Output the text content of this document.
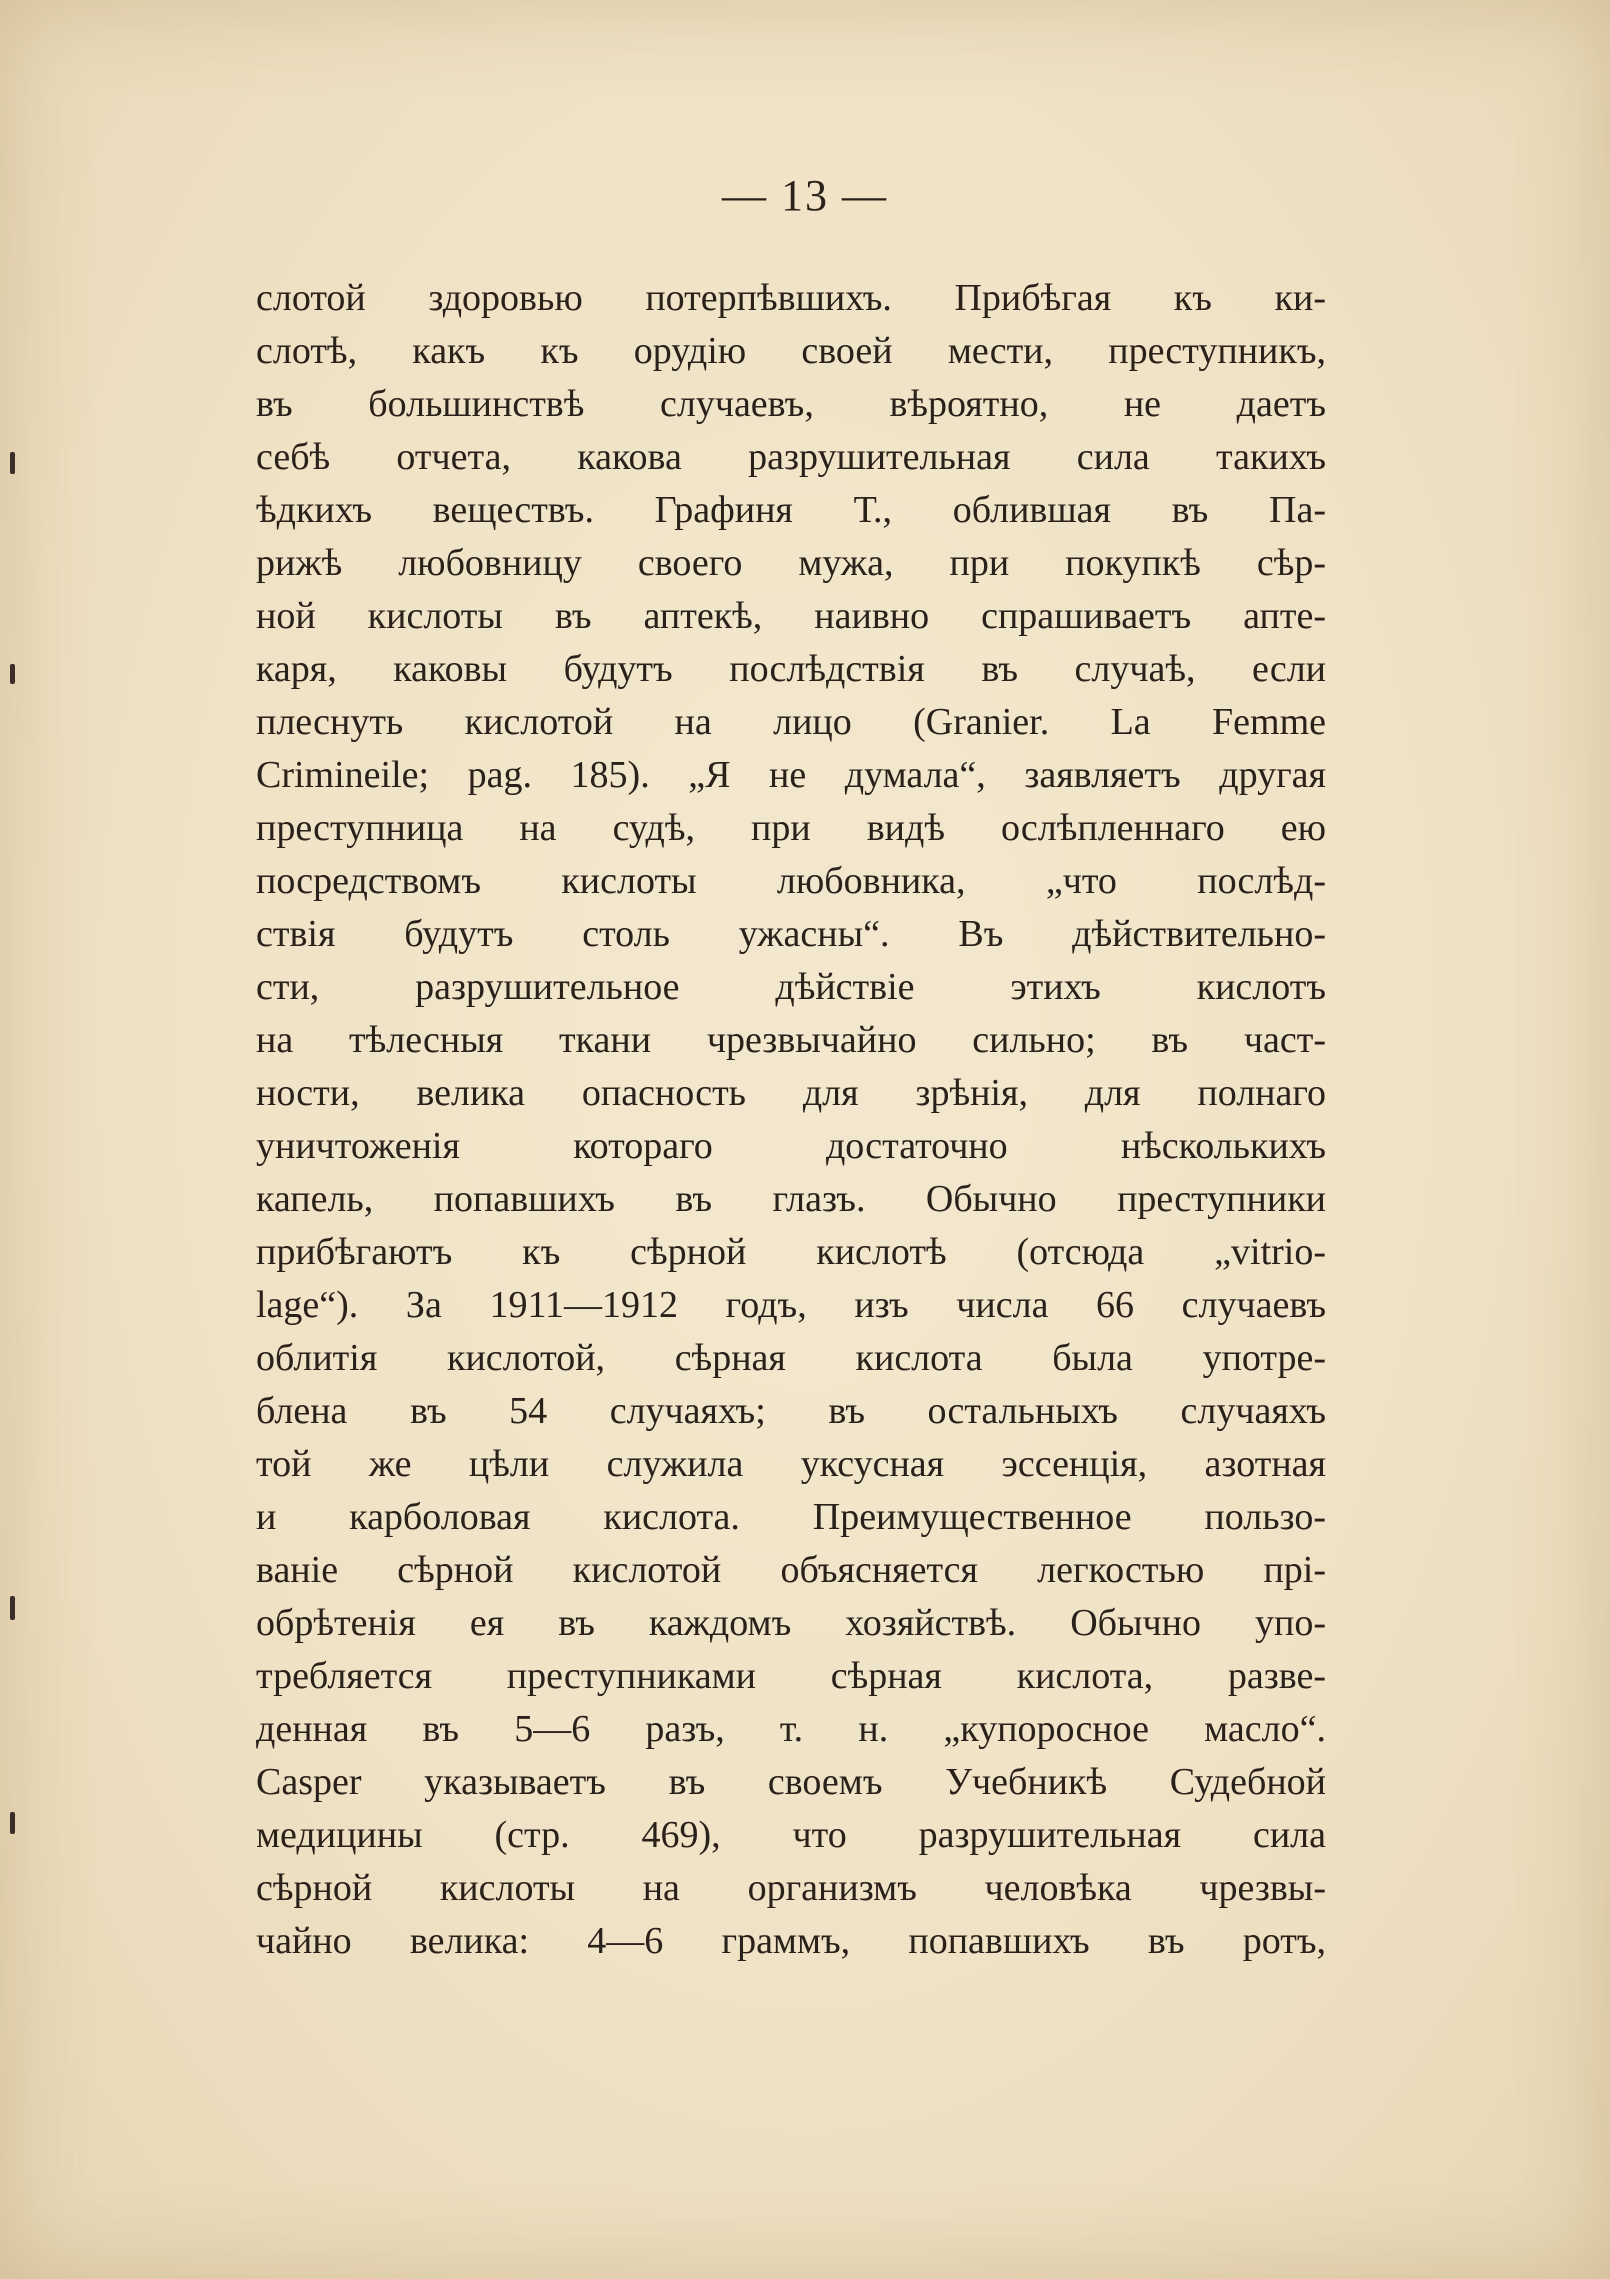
— 13 —
слотой здоровью потерпѣвшихъ. Прибѣгая къ ки-
слотѣ, какъ къ орудію своей мести, преступникъ,
въ большинствѣ случаевъ, вѣроятно, не даетъ
себѣ отчета, какова разрушительная сила такихъ
ѣдкихъ веществъ. Графиня Т., облившая въ Па-
рижѣ любовницу своего мужа, при покупкѣ сѣр-
ной кислоты въ аптекѣ, наивно спрашиваетъ апте-
каря, каковы будутъ послѣдствія въ случаѣ, если
плеснуть кислотой на лицо (Granier. La Femme
Crimineile; pag. 185). „Я не думала“, заявляетъ другая
преступница на судѣ, при видѣ ослѣпленнаго ею
посредствомъ кислоты любовника, „что послѣд-
ствія будутъ столь ужасны“. Въ дѣйствительно-
сти, разрушительное дѣйствіе этихъ кислотъ
на тѣлесныя ткани чрезвычайно сильно; въ част-
ности, велика опасность для зрѣнія, для полнаго
уничтоженія котораго достаточно нѣсколькихъ
капель, попавшихъ въ глазъ. Обычно преступники
прибѣгаютъ къ сѣрной кислотѣ (отсюда „vitrio-
lage“). За 1911—1912 годъ, изъ числа 66 случаевъ
облитія кислотой, сѣрная кислота была употре-
блена въ 54 случаяхъ; въ остальныхъ случаяхъ
той же цѣли служила уксусная эссенція, азотная
и карболовая кислота. Преимущественное пользо-
ваніе сѣрной кислотой объясняется легкостью прі-
обрѣтенія ея въ каждомъ хозяйствѣ. Обычно упо-
требляется преступниками сѣрная кислота, разве-
денная въ 5—6 разъ, т. н. „купоросное масло“.
Casper указываетъ въ своемъ Учебникѣ Судебной
медицины (стр. 469), что разрушительная сила
сѣрной кислоты на организмъ человѣка чрезвы-
чайно велика: 4—6 граммъ, попавшихъ въ ротъ,
